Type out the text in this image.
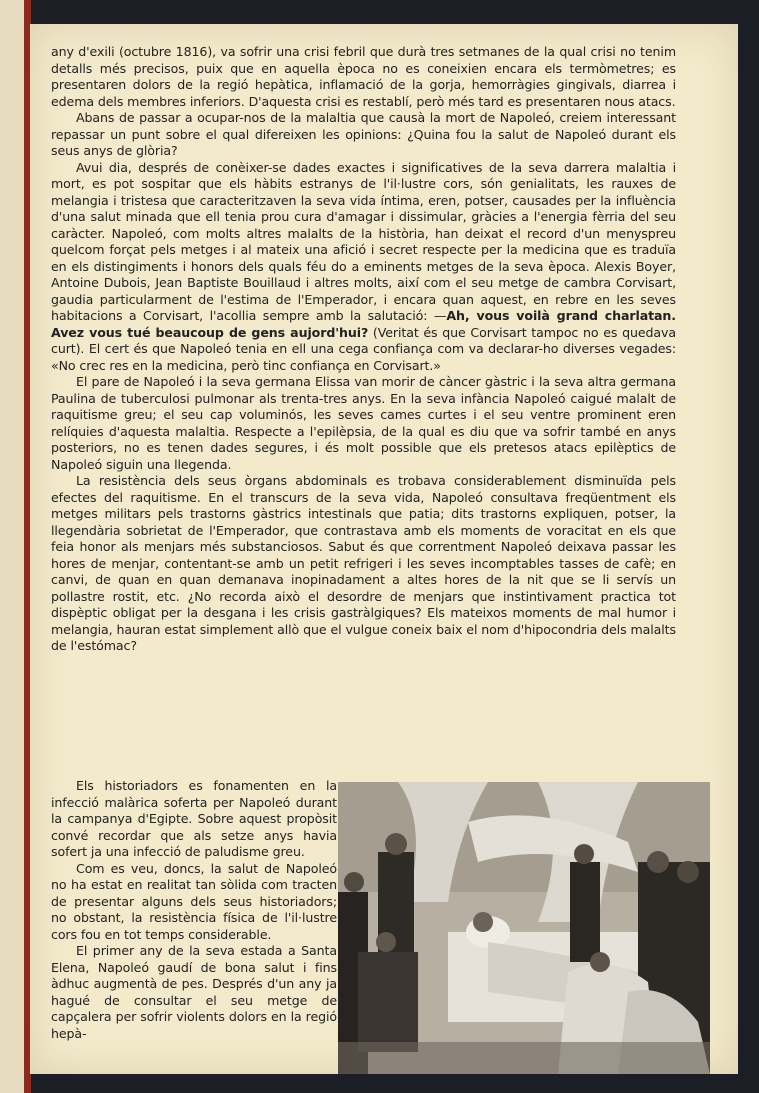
any d'exili (octubre 1816), va sofrir una crisi febril que durà tres setmanes de la qual crisi no tenim detalls més precisos, puix que en aquella època no es coneixien encara els termòmetres; es presentaren dolors de la regió hepàtica, inflamació de la gorja, hemorràgies gingivals, diarrea i edema dels membres inferiors. D'aquesta crisi es restablí, però més tard es presentaren nous atacs.

Abans de passar a ocupar-nos de la malaltia que causà la mort de Napoleó, creiem interessant repassar un punt sobre el qual difereixen les opinions: ¿Quina fou la salut de Napoleó durant els seus anys de glòria?

Avui dia, després de conèixer-se dades exactes i significatives de la seva darrera malaltia i mort, es pot sospitar que els hàbits estranys de l'il·lustre cors, són genialitats, les rauxes de melangia i tristesa que caracteritzaven la seva vida íntima, eren, potser, causades per la influència d'una salut minada que ell tenia prou cura d'amagar i dissimular, gràcies a l'energia fèrria del seu caràcter. Napoleó, com molts altres malalts de la història, han deixat el record d'un menyspreu quelcom forçat pels metges i al mateix una afició i secret respecte per la medicina que es traduïa en els distingiments i honors dels quals féu do a eminents metges de la seva època. Alexis Boyer, Antoine Dubois, Jean Baptiste Bouillaud i altres molts, així com el seu metge de cambra Corvisart, gaudia particularment de l'estima de l'Emperador, i encara quan aquest, en rebre en les seves habitacions a Corvisart, l'acollia sempre amb la salutació: —Ah, vous voilà grand charlatan. Avez vous tué beaucoup de gens aujord'hui? (Veritat és que Corvisart tampoc no es quedava curt). El cert és que Napoleó tenia en ell una cega confiança com va declarar-ho diverses vegades: «No crec res en la medicina, però tinc confiança en Corvisart.»

El pare de Napoleó i la seva germana Elissa van morir de càncer gàstric i la seva altra germana Paulina de tuberculosi pulmonar als trenta-tres anys. En la seva infància Napoleó caigué malalt de raquitisme greu; el seu cap voluminós, les seves cames curtes i el seu ventre prominent eren relíquies d'aquesta malaltia. Respecte a l'epilèpsia, de la qual es diu que va sofrir també en anys posteriors, no es tenen dades segures, i és molt possible que els pretesos atacs epilèptics de Napoleó siguin una llegenda.

La resistència dels seus òrgans abdominals es trobava considerablement disminuïda pels efectes del raquitisme. En el transcurs de la seva vida, Napoleó consultava freqüentment els metges militars pels trastorns gàstrics intestinals que patia; dits trastorns expliquen, potser, la llegendària sobrietat de l'Emperador, que contrastava amb els moments de voracitat en els que feia honor als menjars més substanciosos. Sabut és que correntment Napoleó deixava passar les hores de menjar, contentant-se amb un petit refrigeri i les seves incomptables tasses de cafè; en canvi, de quan en quan demanava inopinadament a altes hores de la nit que se li servís un pollastre rostit, etc. ¿No recorda això el desordre de menjars que instintivament practica tot dispèptic obligat per la desgana i les crisis gastràlgiques? Els mateixos moments de mal humor i melangia, hauran estat simplement allò que el vulgue coneix baix el nom d'hipocondria dels malalts de l'estómac?

Els historiadors es fonamenten en la infecció malàrica soferta per Napoleó durant la campanya d'Egipte. Sobre aquest propòsit convé recordar que als setze anys havia sofert ja una infecció de paludisme greu.

Com es veu, doncs, la salut de Napoleó no ha estat en realitat tan sòlida com tracten de presentar alguns dels seus historiadors; no obstant, la resistència física de l'il·lustre cors fou en tot temps considerable.

El primer any de la seva estada a Santa Elena, Napoleó gaudí de bona salut i fins àdhuc augmentà de pes. Després d'un any ja hagué de consultar el seu metge de capçalera per sofrir violents dolors en la regió hepà-
